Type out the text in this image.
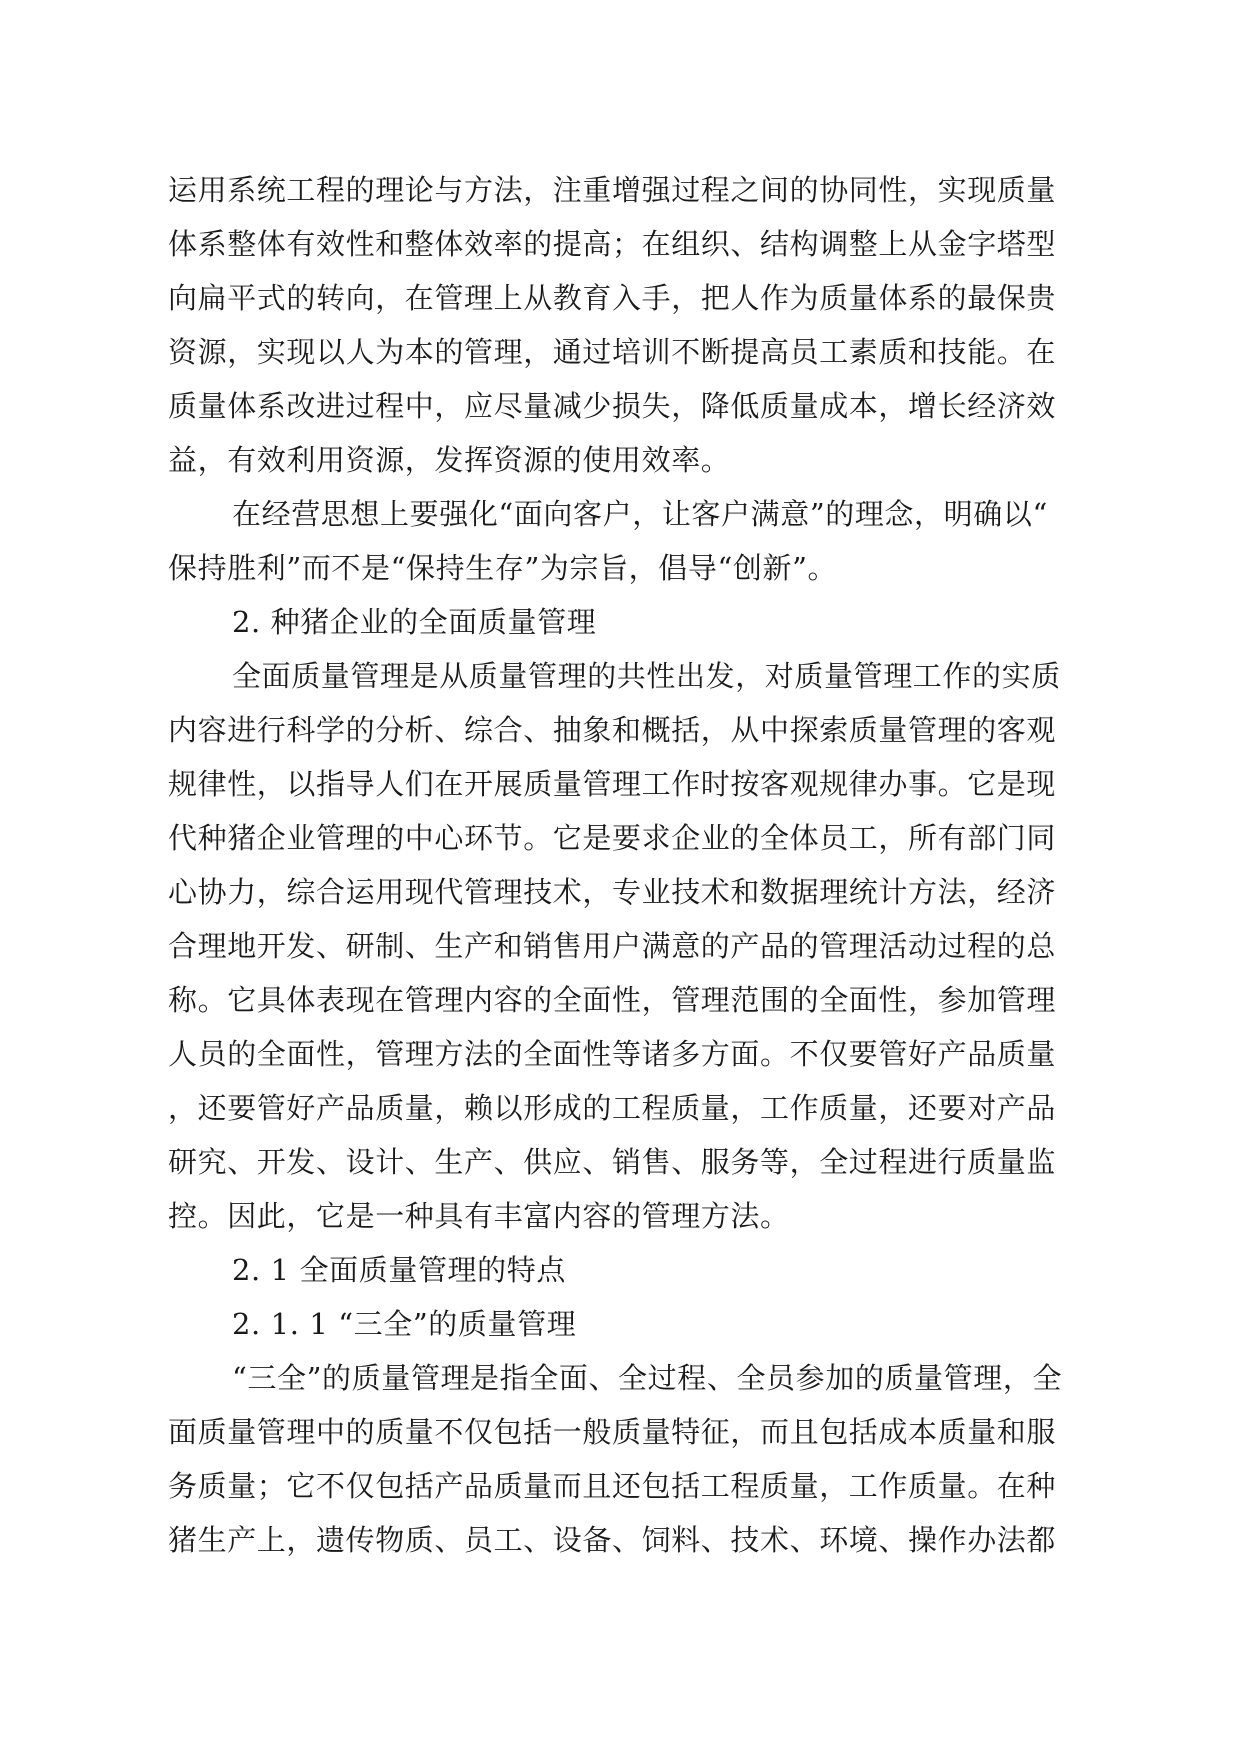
运用系统工程的理论与方法，注重增强过程之间的协同性，实现质量
体系整体有效性和整体效率的提高；在组织、结构调整上从金字塔型
向扁平式的转向，在管理上从教育入手，把人作为质量体系的最保贵
资源，实现以人为本的管理，通过培训不断提高员工素质和技能。在
质量体系改进过程中，应尽量减少损失，降低质量成本，增长经济效
益，有效利用资源，发挥资源的使用效率。
在经营思想上要强化“面向客户，让客户满意”的理念，明确以“
保持胜利”而不是“保持生存”为宗旨，倡导“创新”。
2. 种猪企业的全面质量管理
全面质量管理是从质量管理的共性出发，对质量管理工作的实质
内容进行科学的分析、综合、抽象和概括，从中探索质量管理的客观
规律性，以指导人们在开展质量管理工作时按客观规律办事。它是现
代种猪企业管理的中心环节。它是要求企业的全体员工，所有部门同
心协力，综合运用现代管理技术，专业技术和数据理统计方法，经济
合理地开发、研制、生产和销售用户满意的产品的管理活动过程的总
称。它具体表现在管理内容的全面性，管理范围的全面性，参加管理
人员的全面性，管理方法的全面性等诸多方面。不仅要管好产品质量
，还要管好产品质量，赖以形成的工程质量，工作质量，还要对产品
研究、开发、设计、生产、供应、销售、服务等，全过程进行质量监
控。因此，它是一种具有丰富内容的管理方法。
2. 1 全面质量管理的特点
2. 1. 1 “三全”的质量管理
“三全”的质量管理是指全面、全过程、全员参加的质量管理，全
面质量管理中的质量不仅包括一般质量特征，而且包括成本质量和服
务质量；它不仅包括产品质量而且还包括工程质量，工作质量。在种
猪生产上，遗传物质、员工、设备、饲料、技术、环境、操作办法都
